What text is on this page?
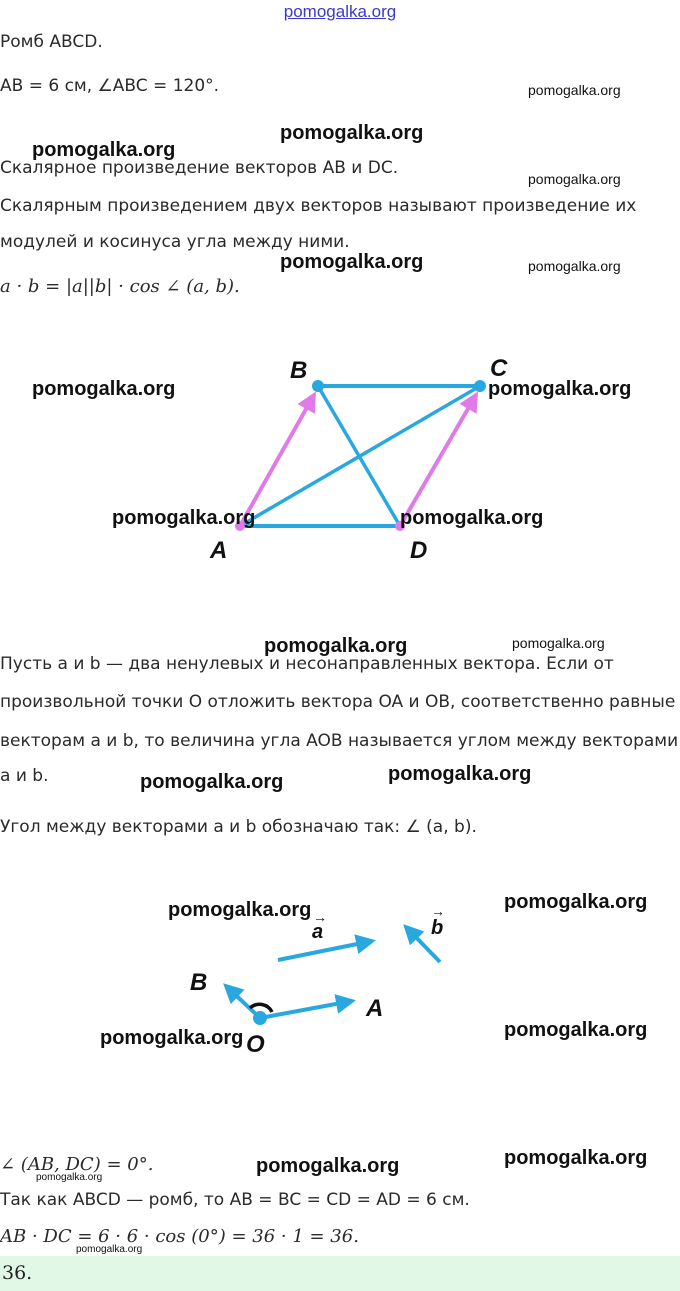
pomogalka.org
Ромб ABCD.
AB = 6 см, ∠ABC = 120°.
Скалярное произведение векторов AB и DC.
Скалярным произведением двух векторов называют произведение их
модулей и косинуса угла между ними.
a · b = |a||b| · cos ∠ (a, b).
B	C
A	D
Пусть a и b — два ненулевых и несонаправленных вектора. Если от
произвольной точки O отложить вектора OA и OB, соответственно равные
векторам a и b, то величина угла AOB называется углом между векторами
a и b.
Угол между векторами a и b обозначаю так: ∠ (a, b).
a
→	b
→
B
A
O
∠ (AB, DC) = 0°.
Так как ABCD — ромб, то AB = BC = CD = AD = 6 см.
AB · DC = 6 · 6 · cos (0°) = 36 · 1 = 36.
36.
pomogalka.org
pomogalka.org
pomogalka.org
pomogalka.org
pomogalka.org	pomogalka.org
pomogalka.org	pomogalka.org
pomogalka.org	pomogalka.org
pomogalka.org	pomogalka.org
pomogalka.org
pomogalka.org
pomogalka.org
pomogalka.org
pomogalka.org
pomogalka.org
pomogalka.org
pomogalka.org
pomogalka.org
pomogalka.org
